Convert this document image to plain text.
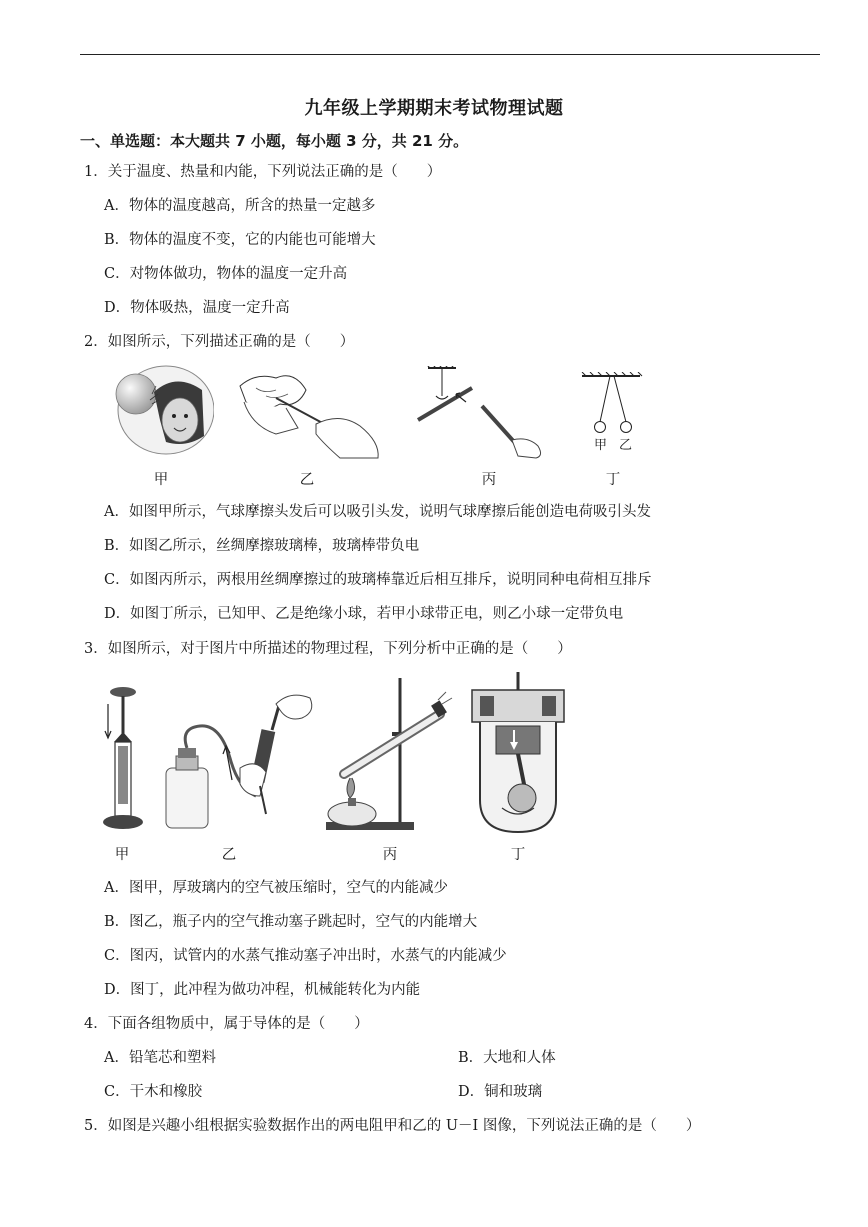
九年级上学期期末考试物理试题
一、单选题：本大题共 7 小题，每小题 3 分，共 21 分。
1．关于温度、热量和内能，下列说法正确的是（　　）
A．物体的温度越高，所含的热量一定越多
B．物体的温度不变，它的内能也可能增大
C．对物体做功，物体的温度一定升高
D．物体吸热，温度一定升高
2．如图所示，下列描述正确的是（　　）
甲 乙
甲	乙	丙	丁
A．如图甲所示，气球摩擦头发后可以吸引头发，说明气球摩擦后能创造电荷吸引头发
B．如图乙所示，丝绸摩擦玻璃棒，玻璃棒带负电
C．如图丙所示，两根用丝绸摩擦过的玻璃棒靠近后相互排斥，说明同种电荷相互排斥
D．如图丁所示，已知甲、乙是绝缘小球，若甲小球带正电，则乙小球一定带负电
3．如图所示，对于图片中所描述的物理过程，下列分析中正确的是（　　）
甲	乙	丙	丁
A．图甲，厚玻璃内的空气被压缩时，空气的内能减少
B．图乙，瓶子内的空气推动塞子跳起时，空气的内能增大
C．图丙，试管内的水蒸气推动塞子冲出时，水蒸气的内能减少
D．图丁，此冲程为做功冲程，机械能转化为内能
4．下面各组物质中，属于导体的是（　　）
A．铅笔芯和塑料	B．大地和人体
C．干木和橡胶	D．铜和玻璃
5．如图是兴趣小组根据实验数据作出的两电阻甲和乙的 U－I 图像，下列说法正确的是（　　）
